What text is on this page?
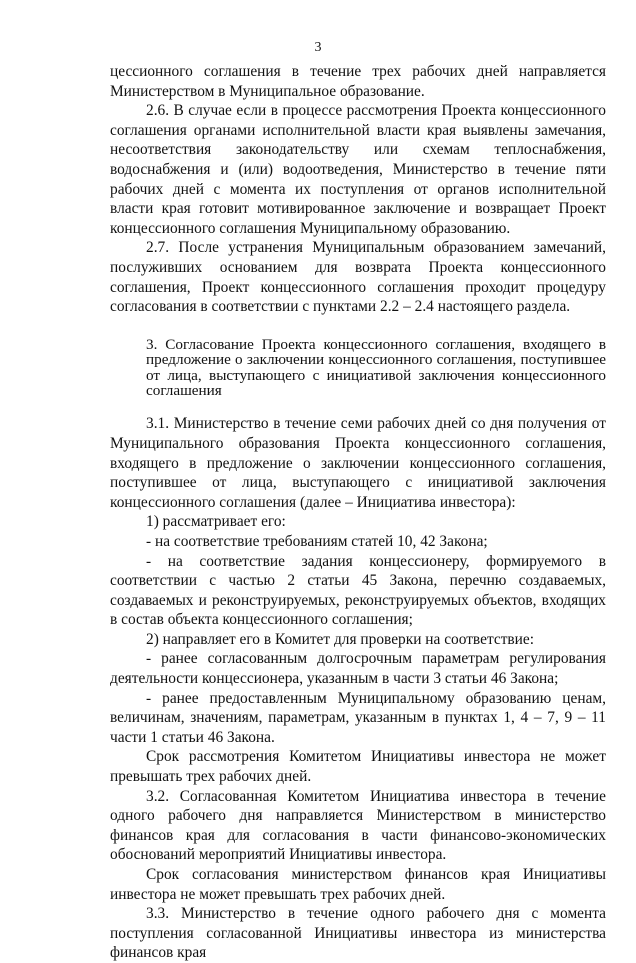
3

цессионного соглашения в течение трех рабочих дней направляется Министерством в Муниципальное образование.

2.6. В случае если в процессе рассмотрения Проекта концессионного соглашения органами исполнительной власти края выявлены замечания, несоответствия законодательству или схемам теплоснабжения, водоснабжения и (или) водоотведения, Министерство в течение пяти рабочих дней с момента их поступления от органов исполнительной власти края готовит мотивированное заключение и возвращает Проект концессионного соглашения Муниципальному образованию.

2.7. После устранения Муниципальным образованием замечаний, послуживших основанием для возврата Проекта концессионного соглашения, Проект концессионного соглашения проходит процедуру согласования в соответствии с пунктами 2.2 – 2.4 настоящего раздела.

3. Согласование Проекта концессионного соглашения, входящего в предложение о заключении концессионного соглашения, поступившее от лица, выступающего с инициативой заключения концессионного соглашения

3.1. Министерство в течение семи рабочих дней со дня получения от Муниципального образования Проекта концессионного соглашения, входящего в предложение о заключении концессионного соглашения, поступившее от лица, выступающего с инициативой заключения концессионного соглашения (далее – Инициатива инвестора):

1) рассматривает его:

- на соответствие требованиям статей 10, 42 Закона;

- на соответствие задания концессионеру, формируемого в соответствии с частью 2 статьи 45 Закона, перечню создаваемых, создаваемых и реконструируемых, реконструируемых объектов, входящих в состав объекта концессионного соглашения;

2) направляет его в Комитет для проверки на соответствие:

- ранее согласованным долгосрочным параметрам регулирования деятельности концессионера, указанным в части 3 статьи 46 Закона;

- ранее предоставленным Муниципальному образованию ценам, величинам, значениям, параметрам, указанным в пунктах 1, 4 – 7, 9 – 11 части 1 статьи 46 Закона.

Срок рассмотрения Комитетом Инициативы инвестора не может превышать трех рабочих дней.

3.2. Согласованная Комитетом Инициатива инвестора в течение одного рабочего дня направляется Министерством в министерство финансов края для согласования в части финансово-экономических обоснований мероприятий Инициативы инвестора.

Срок согласования министерством финансов края Инициативы инвестора не может превышать трех рабочих дней.

3.3. Министерство в течение одного рабочего дня с момента поступления согласованной Инициативы инвестора из министерства финансов края
